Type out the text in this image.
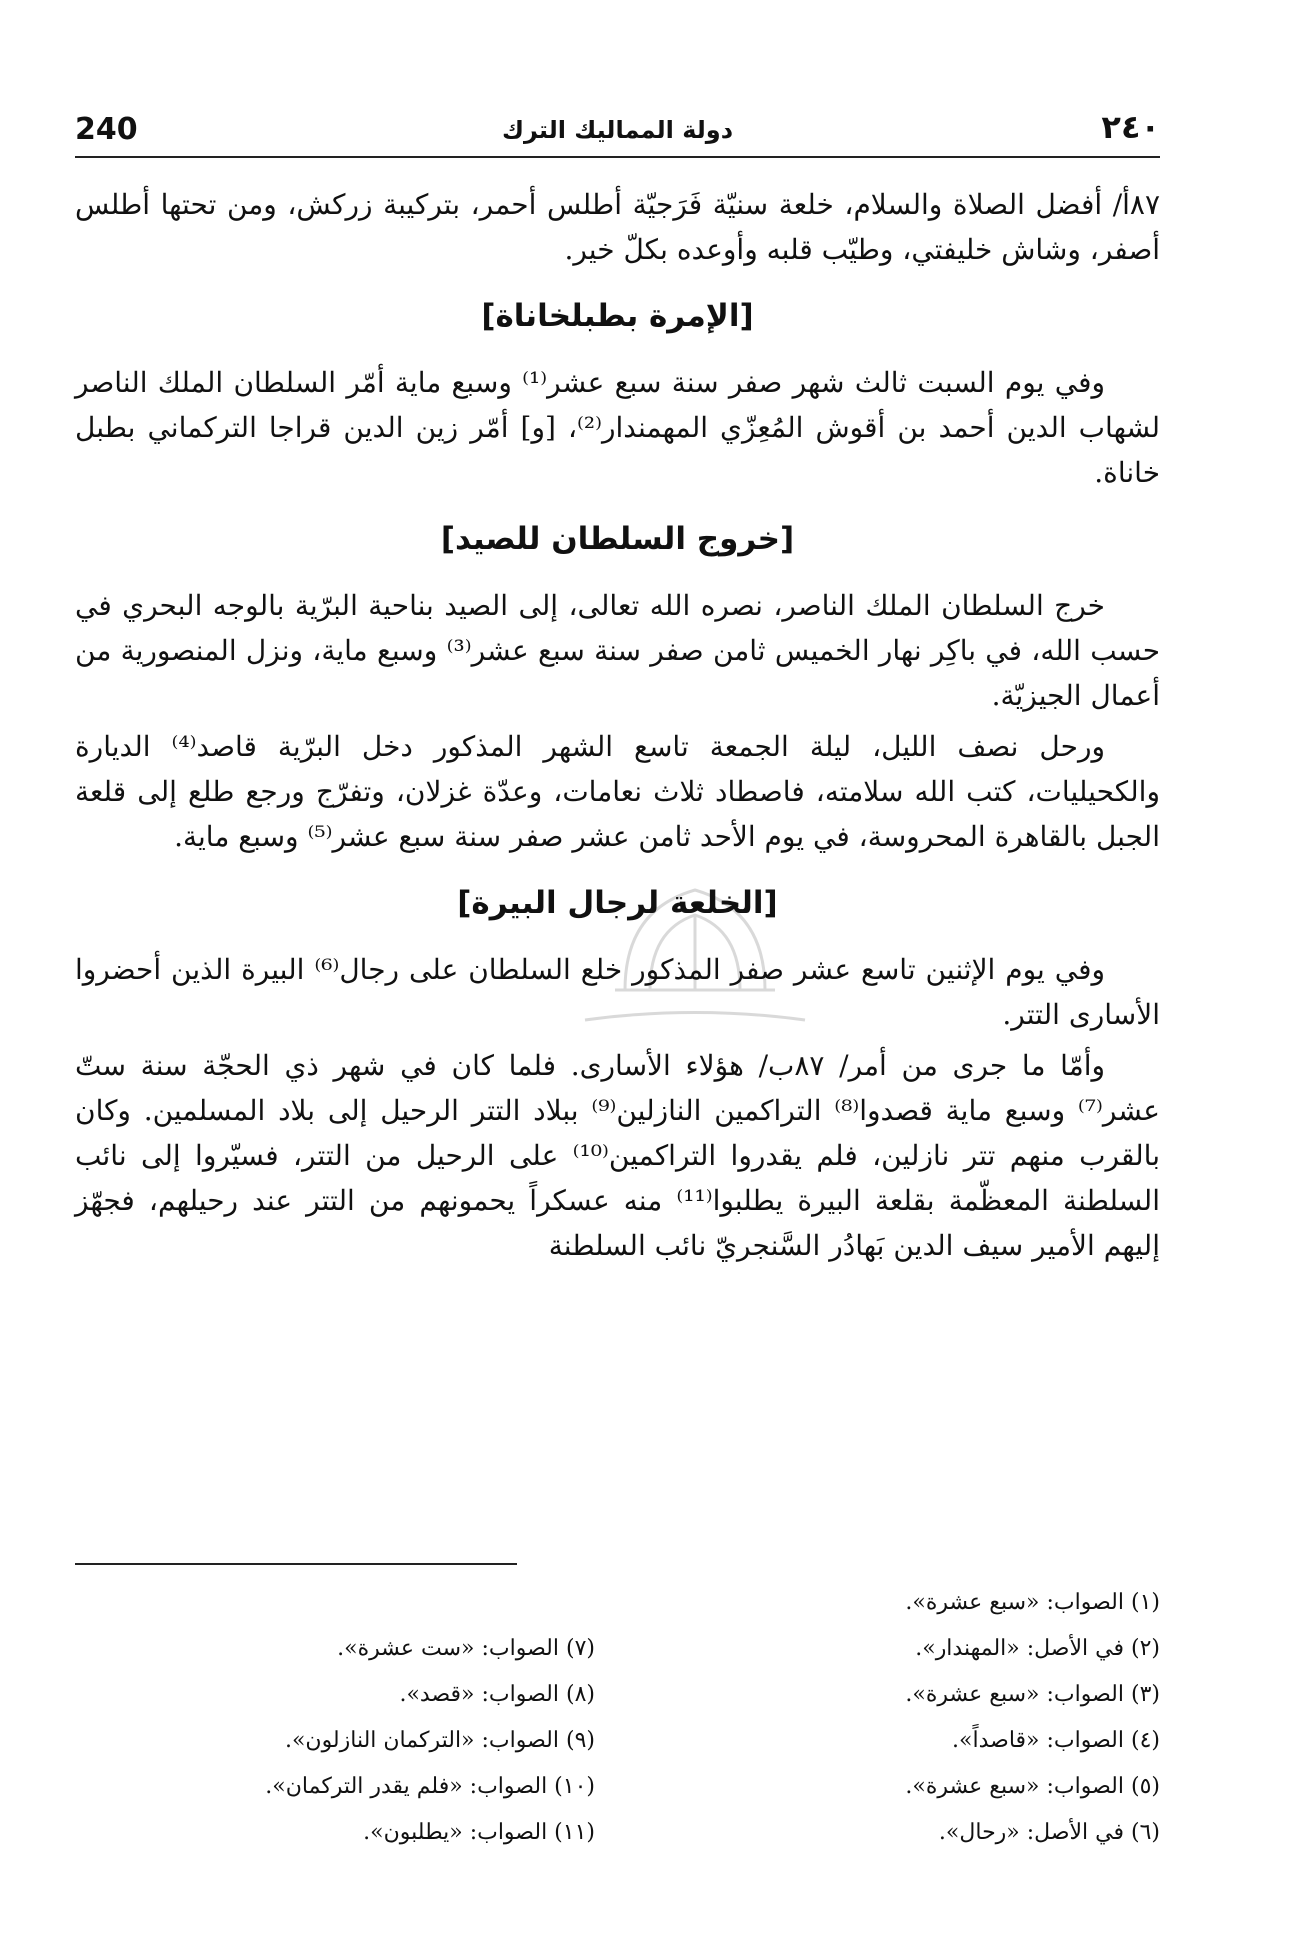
240	دولة المماليك الترك	٢٤٠

٨٧أ/ أفضل الصلاة والسلام، خلعة سنيّة فَرَجيّة أطلس أحمر، بتركيبة زركش، ومن تحتها أطلس أصفر، وشاش خليفتي، وطيّب قلبه وأوعده بكلّ خير.

[الإمرة بطبلخاناة]

وفي يوم السبت ثالث شهر صفر سنة سبع عشر⁽¹⁾ وسبع ماية أمّر السلطان الملك الناصر لشهاب الدين أحمد بن أقوش المُعِزّي المهمندار⁽²⁾، [و] أمّر زين الدين قراجا التركماني بطبل خاناة.

[خروج السلطان للصيد]

خرج السلطان الملك الناصر، نصره الله تعالى، إلى الصيد بناحية البرّية بالوجه البحري في حسب الله، في باكِر نهار الخميس ثامن صفر سنة سبع عشر⁽³⁾ وسبع ماية، ونزل المنصورية من أعمال الجيزيّة.

ورحل نصف الليل، ليلة الجمعة تاسع الشهر المذكور دخل البرّية قاصد⁽⁴⁾ الديارة والكحيليات، كتب الله سلامته، فاصطاد ثلاث نعامات، وعدّة غزلان، وتفرّج ورجع طلع إلى قلعة الجبل بالقاهرة المحروسة، في يوم الأحد ثامن عشر صفر سنة سبع عشر⁽⁵⁾ وسبع ماية.

[الخلعة لرجال البيرة]

وفي يوم الإثنين تاسع عشر صفر المذكور خلع السلطان على رجال⁽⁶⁾ البيرة الذين أحضروا الأسارى التتر.

وأمّا ما جرى من أمر/ ٨٧ب/ هؤلاء الأسارى. فلما كان في شهر ذي الحجّة سنة ستّ عشر⁽⁷⁾ وسبع ماية قصدوا⁽⁸⁾ التراكمين النازلين⁽⁹⁾ ببلاد التتر الرحيل إلى بلاد المسلمين. وكان بالقرب منهم تتر نازلين، فلم يقدروا التراكمين⁽¹⁰⁾ على الرحيل من التتر، فسيّروا إلى نائب السلطنة المعظّمة بقلعة البيرة يطلبوا⁽¹¹⁾ منه عسكراً يحمونهم من التتر عند رحيلهم، فجهّز إليهم الأمير سيف الدين بَهادُر السَّنجريّ نائب السلطنة

(١) الصواب: «سبع عشرة».
(٢) في الأصل: «المهندار».
(٣) الصواب: «سبع عشرة».
(٤) الصواب: «قاصداً».
(٥) الصواب: «سبع عشرة».
(٦) في الأصل: «رحال».
(٧) الصواب: «ست عشرة».
(٨) الصواب: «قصد».
(٩) الصواب: «التركمان النازلون».
(١٠) الصواب: «فلم يقدر التركمان».
(١١) الصواب: «يطلبون».
